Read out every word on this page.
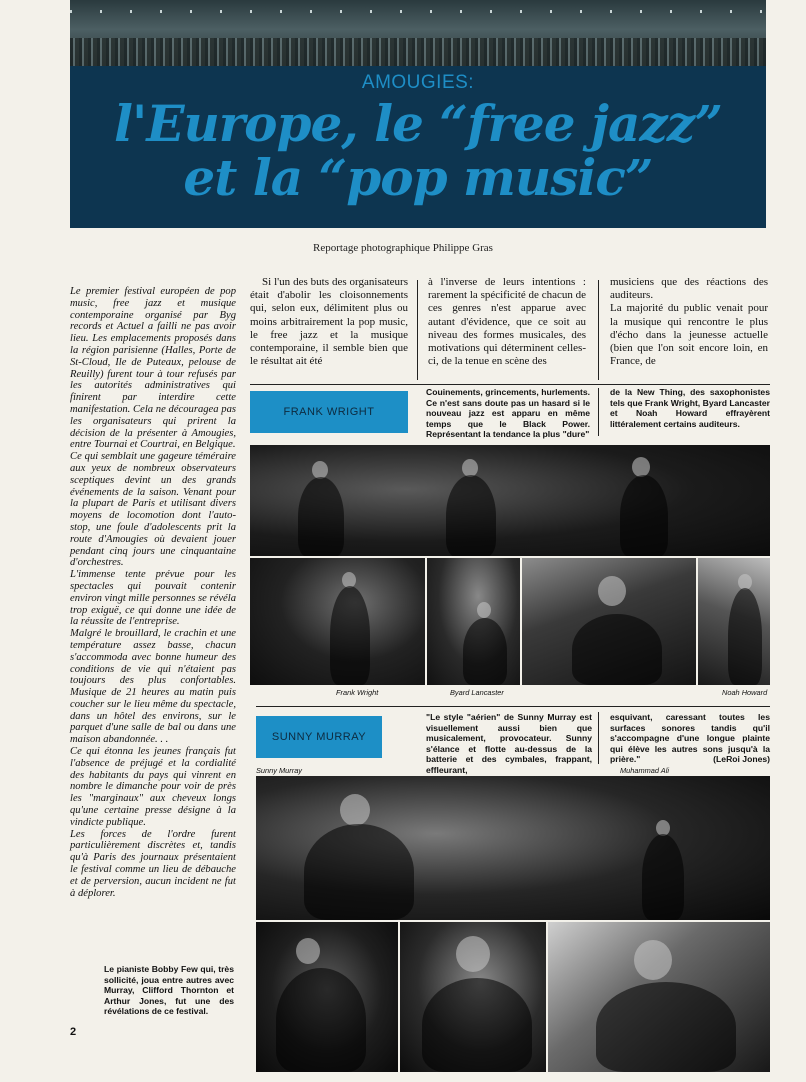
AMOUGIES:
l'Europe, le “free jazz”
et la “pop music”
Reportage photographique Philippe Gras

Le premier festival européen de pop music, free jazz et musique contemporaine organisé par Byg records et Actuel a failli ne pas avoir lieu. Les emplacements proposés dans la région parisienne (Halles, Porte de St-Cloud, Ile de Puteaux, pelouse de Reuilly) furent tour à tour refusés par les autorités administratives qui finirent par interdire cette manifestation. Cela ne découragea pas les organisateurs qui prirent la décision de la présenter à Amougies, entre Tournai et Courtrai, en Belgique.

Ce qui semblait une gageure téméraire aux yeux de nombreux observateurs sceptiques devint un des grands événements de la saison. Venant pour la plupart de Paris et utilisant divers moyens de locomotion dont l'auto-stop, une foule d'adolescents prit la route d'Amougies où devaient jouer pendant cinq jours une cinquantaine d'orchestres.

L'immense tente prévue pour les spectacles qui pouvait contenir environ vingt mille personnes se révéla trop exiguë, ce qui donne une idée de la réussite de l'entreprise.

Malgré le brouillard, le crachin et une température assez basse, chacun s'accommoda avec bonne humeur des conditions de vie qui n'étaient pas toujours des plus confortables. Musique de 21 heures au matin puis coucher sur le lieu même du spectacle, dans un hôtel des environs, sur le parquet d'une salle de bal ou dans une maison abandonnée. . .

Ce qui étonna les jeunes français fut l'absence de préjugé et la cordialité des habitants du pays qui vinrent en nombre le dimanche pour voir de près les "marginaux" aux cheveux longs qu'une certaine presse désigne à la vindicte publique.

Les forces de l'ordre furent particulièrement discrètes et, tandis qu'à Paris des journaux présentaient le festival comme un lieu de débauche et de perversion, aucun incident ne fut à déplorer.

Si l'un des buts des organisateurs était d'abolir les cloisonnements qui, selon eux, délimitent plus ou moins arbitrairement la pop music, le free jazz et la musique contemporaine, il semble bien que le résultat ait été
à l'inverse de leurs intentions : rarement la spécificité de chacun de ces genres n'est apparue avec autant d'évidence, que ce soit au niveau des formes musicales, des motivations qui déterminent celles-ci, de la tenue en scène des
musiciens que des réactions des auditeurs.
La majorité du public venait pour la musique qui rencontre le plus d'écho dans la jeunesse actuelle (bien que l'on soit encore loin, en France, de
FRANK WRIGHT
Couinements, grincements, hurlements. Ce n'est sans doute pas un hasard si le nouveau jazz est apparu en même temps que le Black Power. Représentant la tendance la plus "dure"
de la New Thing, des saxophonistes tels que Frank Wright, Byard Lancaster et Noah Howard effrayèrent littéralement certains auditeurs.
Frank Wright	Byard Lancaster	Noah Howard
SUNNY MURRAY
"Le style "aérien" de Sunny Murray est visuellement aussi bien que musicalement, provocateur. Sunny s'élance et flotte au-dessus de la batterie et des cymbales, frappant, effleurant,
esquivant, caressant toutes les surfaces sonores tandis qu'il s'accompagne d'une longue plainte qui élève les autres sons jusqu'à la prière."	(LeRoi Jones)
Sunny Murray	Muhammad Ali
Le pianiste Bobby Few qui, très sollicité, joua entre autres avec Murray, Clifford Thornton et Arthur Jones, fut une des révélations de ce festival.
2
